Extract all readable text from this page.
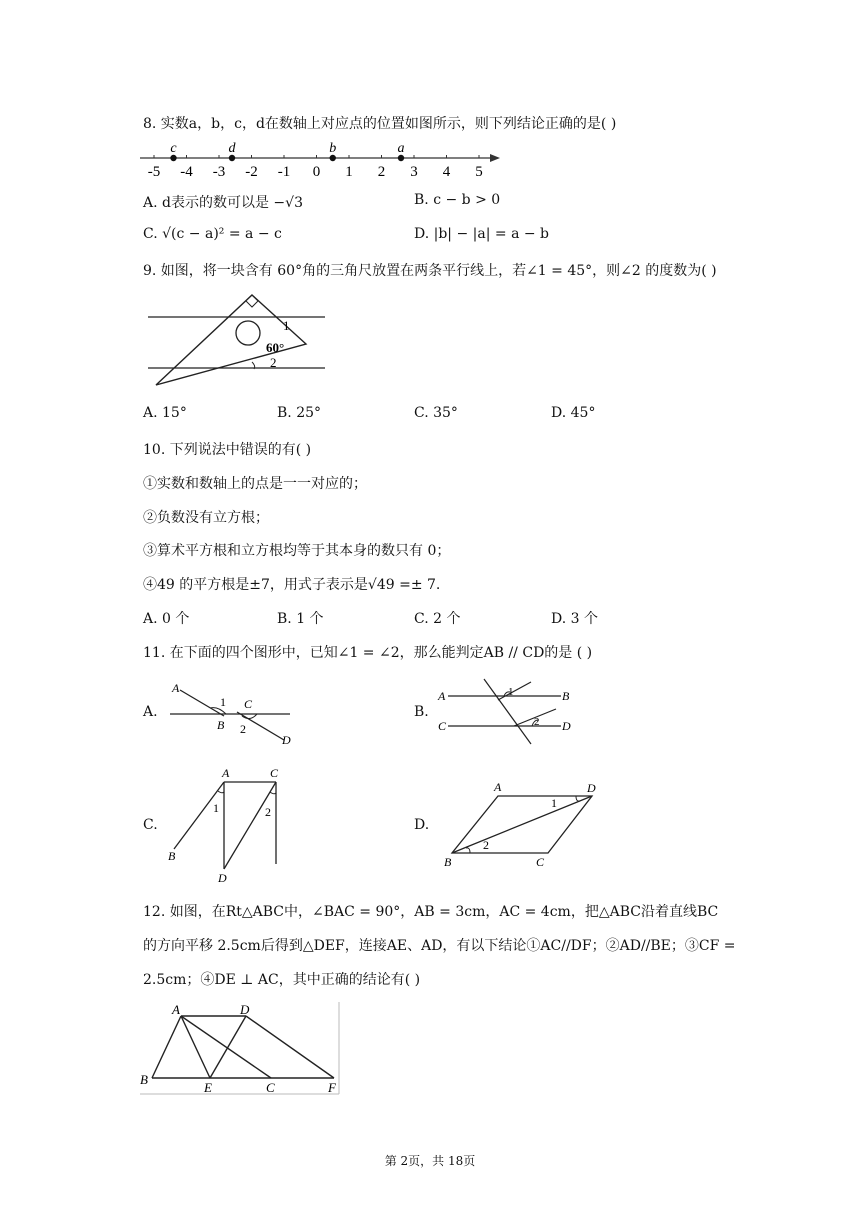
8. 实数a，b，c，d在数轴上对应点的位置如图所示，则下列结论正确的是( )
-5 -4 -3 -2 -1 0 1 2 3 4 5
c	d	b	a
A. d表示的数可以是 −√3	B. c − b > 0
C. √(c − a)² = a − c	D. |b| − |a| = a − b
9. 如图，将一块含有 60°角的三角尺放置在两条平行线上，若∠1 = 45°，则∠2 的度数为( )
1
60°
2
A. 15°	B. 25°	C. 35°	D. 45°
10. 下列说法中错误的有( )
①实数和数轴上的点是一一对应的；
②负数没有立方根；
③算术平方根和立方根均等于其本身的数只有 0；
④49 的平方根是±7，用式子表示是√49 =± 7.
A. 0 个	B. 1 个	C. 2 个	D. 3 个
11. 在下面的四个图形中，已知∠1 = ∠2，那么能判定AB // CD的是 ( )
A.
A
B
C
D
1
2
B.
A	B
C	D
1
2
C.
A	C
B
D
1	2
D.
A	D
B	C
1
2
12. 如图，在Rt△ABC中，∠BAC = 90°，AB = 3cm，AC = 4cm，把△ABC沿着直线BC
的方向平移 2.5cm后得到△DEF，连接AE、AD，有以下结论①AC//DF；②AD//BE；③CF =
2.5cm；④DE ⊥ AC，其中正确的结论有( )
A	D
B
E	C	F
第 2页，共 18页
